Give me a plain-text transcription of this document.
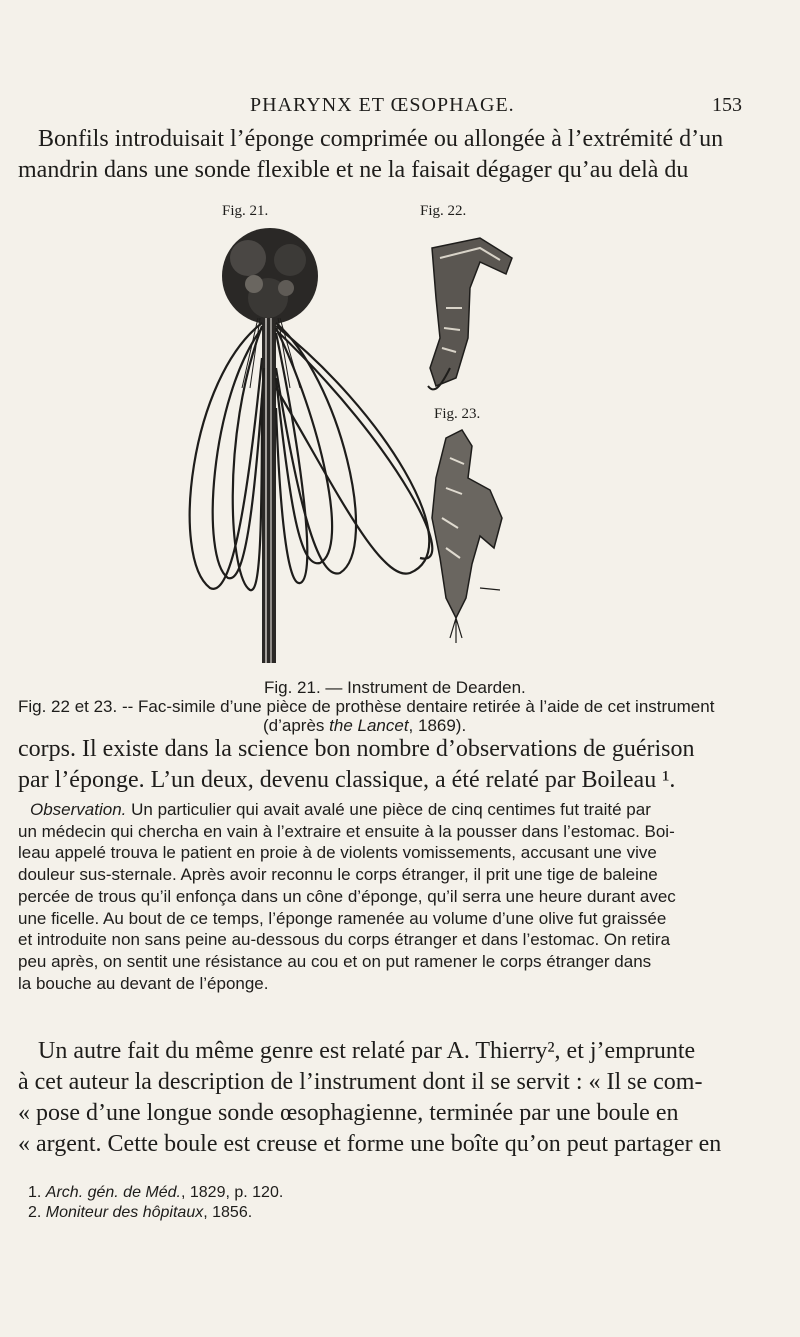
PHARYNX ET ŒSOPHAGE.	153
Bonfils introduisait l’éponge comprimée ou allongée à l’extrémité d’un
mandrin dans une sonde flexible et ne la faisait dégager qu’au delà du
Fig. 21.	Fig. 22.
Fig. 23.
Fig. 21. — Instrument de Dearden.
Fig. 22 et 23. -- Fac-simile d’une pièce de prothèse dentaire retirée à l’aide de cet instrument
(d’après the Lancet, 1869).
corps. Il existe dans la science bon nombre d’observations de guérison
par l’éponge. L’un deux, devenu classique, a été relaté par Boileau ¹.
Observation. Un particulier qui avait avalé une pièce de cinq centimes fut traité par
un médecin qui chercha en vain à l’extraire et ensuite à la pousser dans l’estomac. Boi-
leau appelé trouva le patient en proie à de violents vomissements, accusant une vive
douleur sus-sternale. Après avoir reconnu le corps étranger, il prit une tige de baleine
percée de trous qu’il enfonça dans un cône d’éponge, qu’il serra une heure durant avec
une ficelle. Au bout de ce temps, l’éponge ramenée au volume d’une olive fut graissée
et introduite non sans peine au-dessous du corps étranger et dans l’estomac. On retira
peu après, on sentit une résistance au cou et on put ramener le corps étranger dans
la bouche au devant de l’éponge.
Un autre fait du même genre est relaté par A. Thierry², et j’emprunte
à cet auteur la description de l’instrument dont il se servit : « Il se com-
« pose d’une longue sonde œsophagienne, terminée par une boule en
« argent. Cette boule est creuse et forme une boîte qu’on peut partager en
1. Arch. gén. de Méd., 1829, p. 120.
2. Moniteur des hôpitaux, 1856.
